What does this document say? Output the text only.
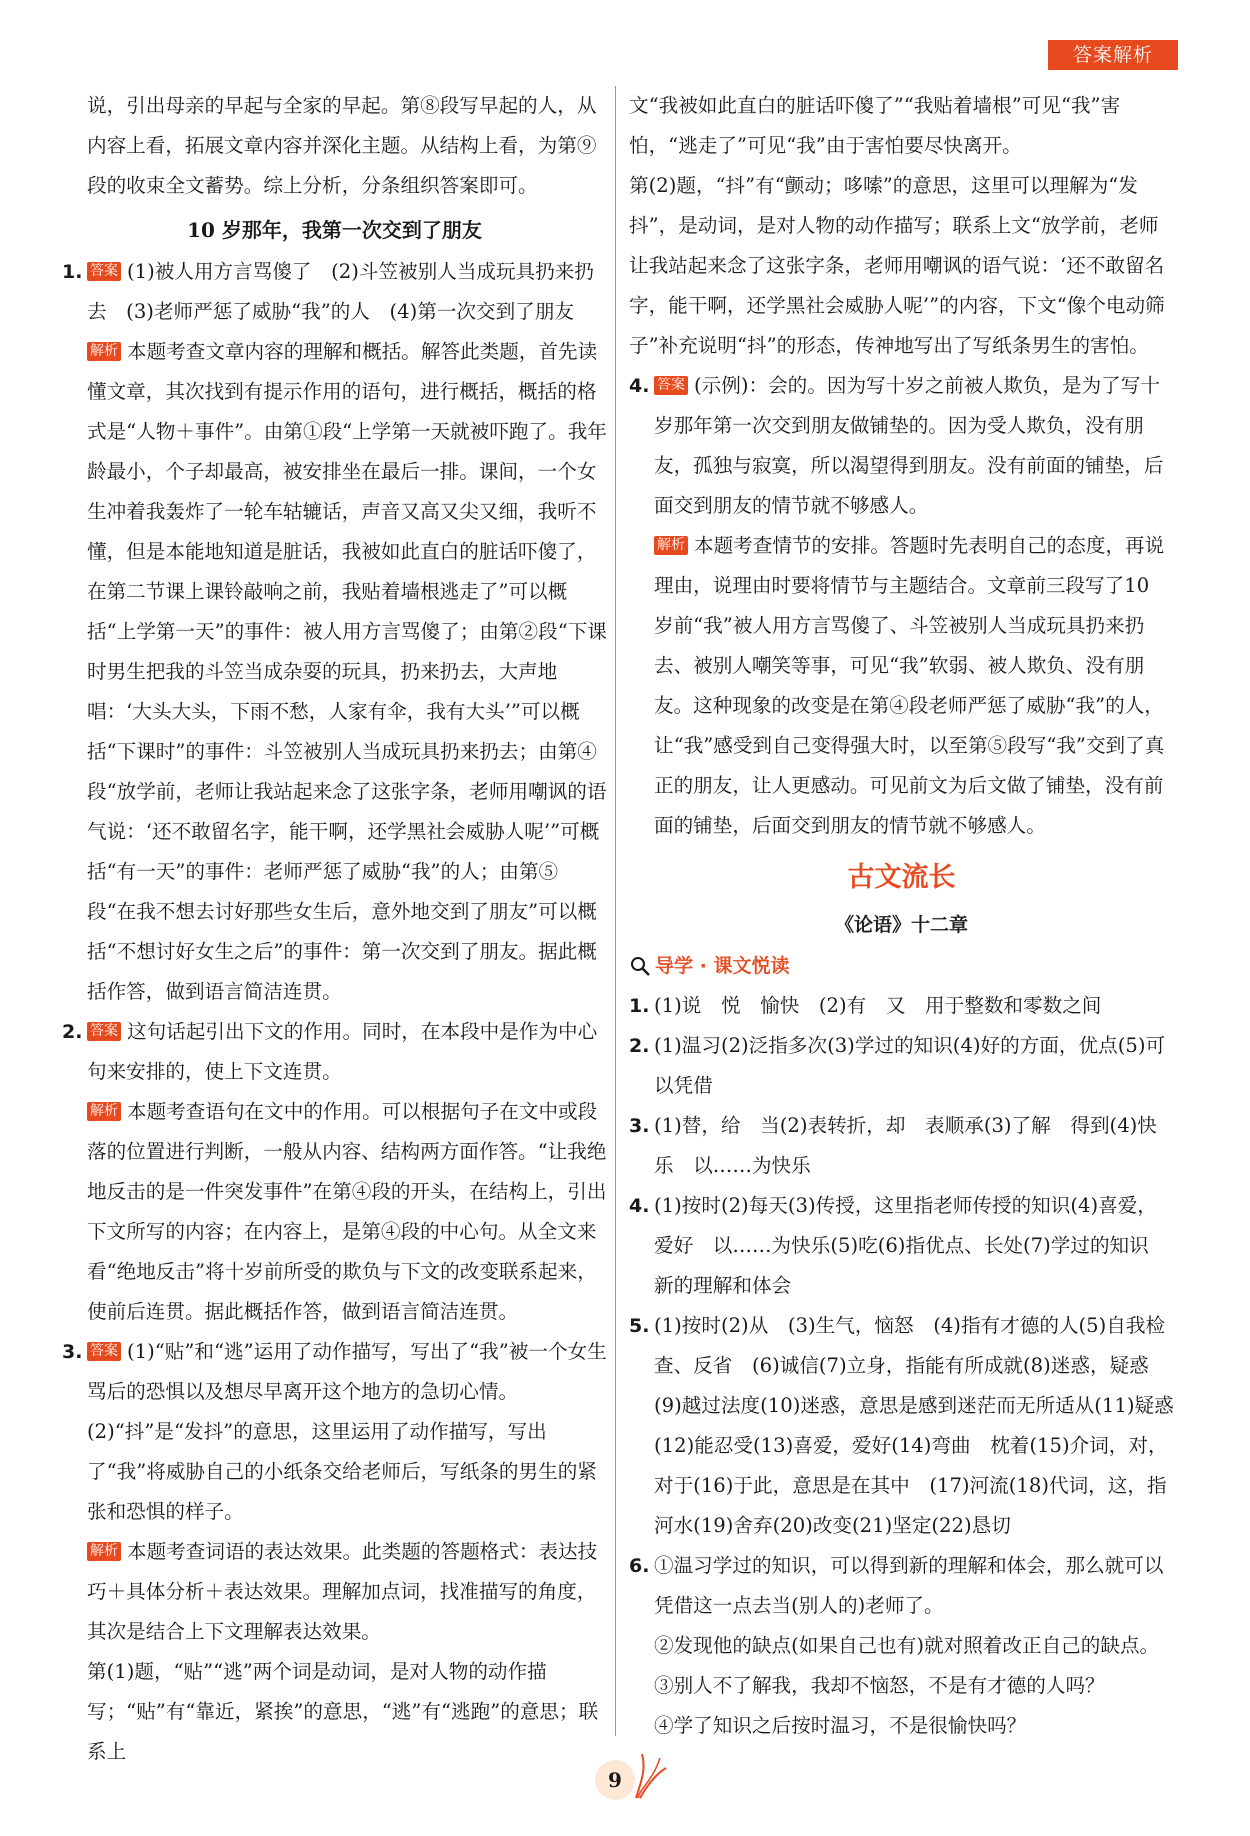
答案解析

说，引出母亲的早起与全家的早起。第⑧段写早起的人，从内容上看，拓展文章内容并深化主题。从结构上看，为第⑨段的收束全文蓄势。综上分析，分条组织答案即可。

10 岁那年，我第一次交到了朋友

1. 答案 (1)被人用方言骂傻了　(2)斗笠被别人当成玩具扔来扔去　(3)老师严惩了威胁“我”的人　(4)第一次交到了朋友

解析 本题考查文章内容的理解和概括。解答此类题，首先读懂文章，其次找到有提示作用的语句，进行概括，概括的格式是“人物＋事件”。由第①段“上学第一天就被吓跑了。我年龄最小，个子却最高，被安排坐在最后一排。课间，一个女生冲着我轰炸了一轮车轱辘话，声音又高又尖又细，我听不懂，但是本能地知道是脏话，我被如此直白的脏话吓傻了，在第二节课上课铃敲响之前，我贴着墙根逃走了”可以概括“上学第一天”的事件：被人用方言骂傻了；由第②段“下课时男生把我的斗笠当成杂耍的玩具，扔来扔去，大声地唱：‘大头大头，下雨不愁，人家有伞，我有大头’”可以概括“下课时”的事件：斗笠被别人当成玩具扔来扔去；由第④段“放学前，老师让我站起来念了这张字条，老师用嘲讽的语气说：‘还不敢留名字，能干啊，还学黑社会威胁人呢’”可概括“有一天”的事件：老师严惩了威胁“我”的人；由第⑤段“在我不想去讨好那些女生后，意外地交到了朋友”可以概括“不想讨好女生之后”的事件：第一次交到了朋友。据此概括作答，做到语言简洁连贯。

2. 答案 这句话起引出下文的作用。同时，在本段中是作为中心句来安排的，使上下文连贯。

解析 本题考查语句在文中的作用。可以根据句子在文中或段落的位置进行判断，一般从内容、结构两方面作答。“让我绝地反击的是一件突发事件”在第④段的开头，在结构上，引出下文所写的内容；在内容上，是第④段的中心句。从全文来看“绝地反击”将十岁前所受的欺负与下文的改变联系起来，使前后连贯。据此概括作答，做到语言简洁连贯。

3. 答案 (1)“贴”和“逃”运用了动作描写，写出了“我”被一个女生骂后的恐惧以及想尽早离开这个地方的急切心情。

(2)“抖”是“发抖”的意思，这里运用了动作描写，写出了“我”将威胁自己的小纸条交给老师后，写纸条的男生的紧张和恐惧的样子。

解析 本题考查词语的表达效果。此类题的答题格式：表达技巧＋具体分析＋表达效果。理解加点词，找准描写的角度，其次是结合上下文理解表达效果。

第(1)题，“贴”“逃”两个词是动词，是对人物的动作描写；“贴”有“靠近，紧挨”的意思，“逃”有“逃跑”的意思；联系上

文“我被如此直白的脏话吓傻了”“我贴着墙根”可见“我”害怕，“逃走了”可见“我”由于害怕要尽快离开。

第(2)题，“抖”有“颤动；哆嗦”的意思，这里可以理解为“发抖”，是动词，是对人物的动作描写；联系上文“放学前，老师让我站起来念了这张字条，老师用嘲讽的语气说：‘还不敢留名字，能干啊，还学黑社会威胁人呢’”的内容，下文“像个电动筛子”补充说明“抖”的形态，传神地写出了写纸条男生的害怕。

4. 答案 (示例)：会的。因为写十岁之前被人欺负，是为了写十岁那年第一次交到朋友做铺垫的。因为受人欺负，没有朋友，孤独与寂寞，所以渴望得到朋友。没有前面的铺垫，后面交到朋友的情节就不够感人。

解析 本题考查情节的安排。答题时先表明自己的态度，再说理由，说理由时要将情节与主题结合。文章前三段写了10 岁前“我”被人用方言骂傻了、斗笠被别人当成玩具扔来扔去、被别人嘲笑等事，可见“我”软弱、被人欺负、没有朋友。这种现象的改变是在第④段老师严惩了威胁“我”的人，让“我”感受到自己变得强大时，以至第⑤段写“我”交到了真正的朋友，让人更感动。可见前文为后文做了铺垫，没有前面的铺垫，后面交到朋友的情节就不够感人。

古文流长

《论语》十二章

导学 · 课文悦读
1. (1)说　悦　愉快　(2)有　又　用于整数和零数之间
2. (1)温习(2)泛指多次(3)学过的知识(4)好的方面，优点(5)可以凭借
3. (1)替，给　当(2)表转折，却　表顺承(3)了解　得到(4)快乐　以……为快乐
4. (1)按时(2)每天(3)传授，这里指老师传授的知识(4)喜爱，爱好　以……为快乐(5)吃(6)指优点、长处(7)学过的知识　新的理解和体会
5. (1)按时(2)从　(3)生气，恼怒　(4)指有才德的人(5)自我检查、反省　(6)诚信(7)立身，指能有所成就(8)迷惑，疑惑(9)越过法度(10)迷惑，意思是感到迷茫而无所适从(11)疑惑(12)能忍受(13)喜爱，爱好(14)弯曲　枕着(15)介词，对，对于(16)于此，意思是在其中　(17)河流(18)代词，这，指河水(19)舍弃(20)改变(21)坚定(22)恳切
6. ①温习学过的知识，可以得到新的理解和体会，那么就可以凭借这一点去当(别人的)老师了。

②发现他的缺点(如果自己也有)就对照着改正自己的缺点。

③别人不了解我，我却不恼怒，不是有才德的人吗？

④学了知识之后按时温习，不是很愉快吗？

9
